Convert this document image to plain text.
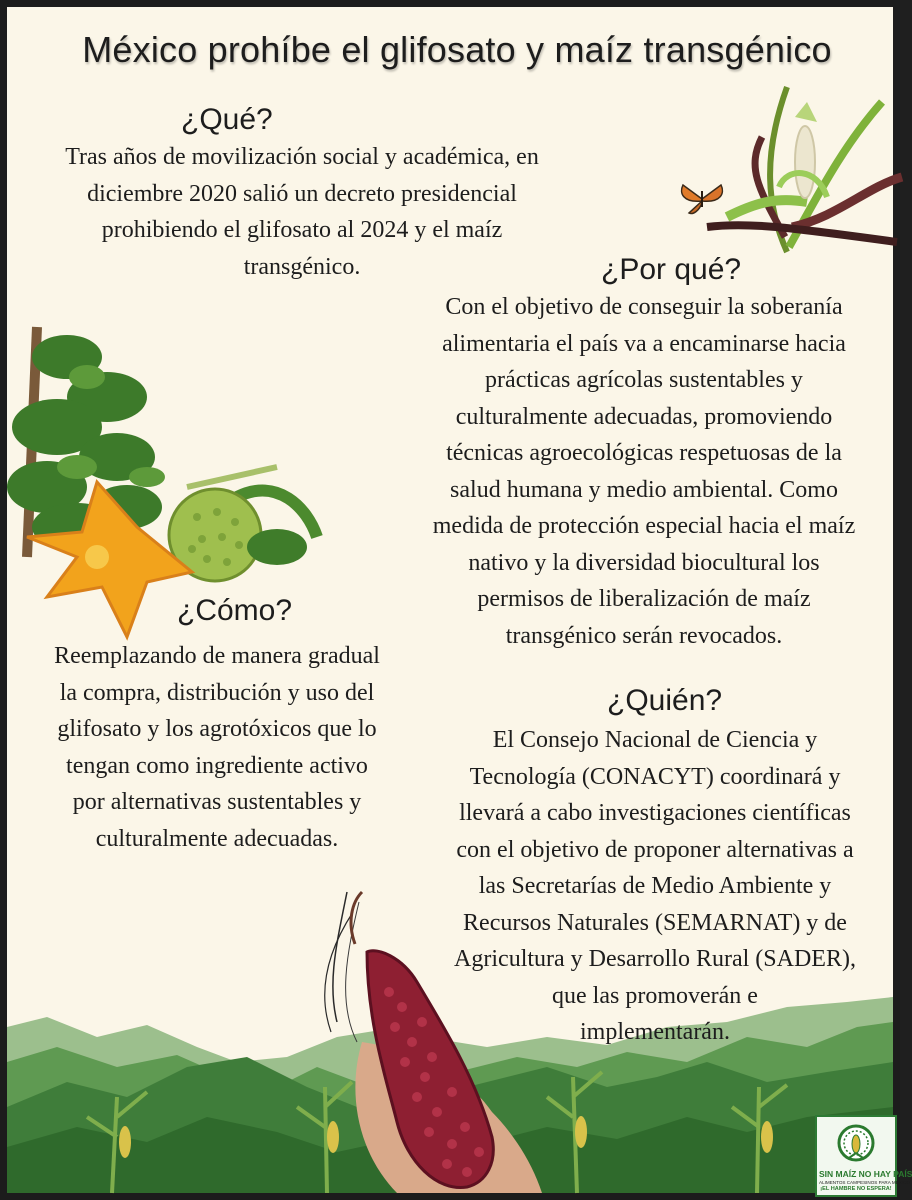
México prohíbe el glifosato y maíz transgénico
¿Qué?
Tras años de movilización social y académica, en
diciembre 2020 salió un decreto presidencial
prohibiendo el glifosato al 2024 y el maíz
transgénico.	¿Por qué?
Con el objetivo de conseguir la soberanía
alimentaria el país va a encaminarse hacia
prácticas agrícolas sustentables y
culturalmente adecuadas, promoviendo
técnicas agroecológicas respetuosas de la
salud humana y medio ambiental. Como
medida de protección especial hacia el maíz
nativo y la diversidad biocultural los
permisos de liberalización de maíz
transgénico serán revocados.
¿Cómo?
Reemplazando de manera gradual
la compra, distribución y uso del
glifosato y los agrotóxicos que lo
tengan como ingrediente activo
por alternativas sustentables y
culturalmente adecuadas.
¿Quién?
El Consejo Nacional de Ciencia y
Tecnología (CONACYT) coordinará y
llevará a cabo investigaciones científicas
con el objetivo de proponer alternativas a
las Secretarías de Medio Ambiente y
Recursos Naturales (SEMARNAT) y de
Agricultura y Desarrollo Rural (SADER),
que las promoverán e
implementarán.
SIN MAÍZ NO HAY PAÍS
ALIMENTOS CAMPESINOS PARA MÉXICO
¡EL HAMBRE NO ESPERA!
